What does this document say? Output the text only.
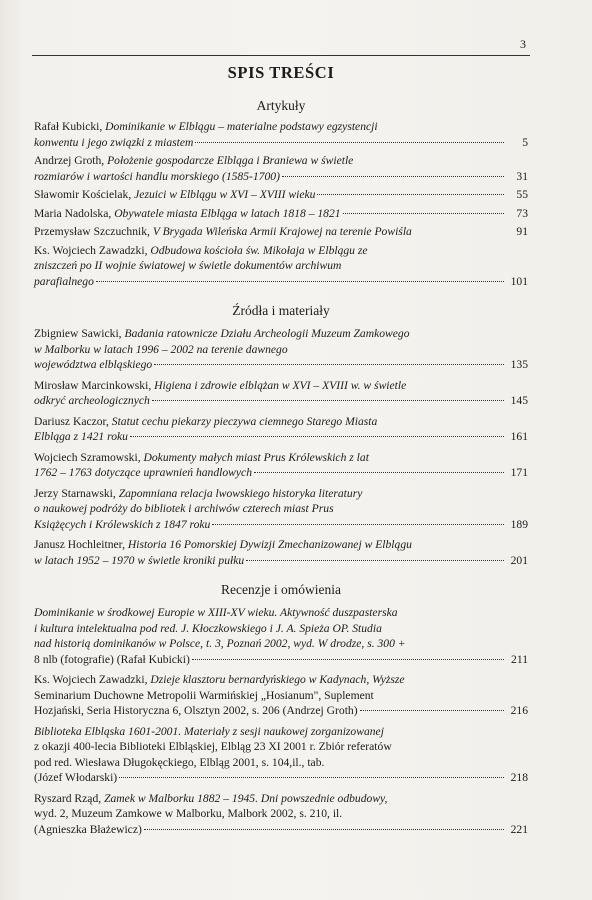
3
SPIS TREŚCI
Artykuły
Rafał Kubicki, Dominikanie w Elblągu – materialne podstawy egzystencji
konwentu i jego związki z miastem	5
Andrzej Groth, Położenie gospodarcze Elbląga i Braniewa w świetle
rozmiarów i wartości handlu morskiego (1585-1700)	31
Sławomir Kościelak, Jezuici w Elblągu w XVI – XVIII wieku	55
Maria Nadolska, Obywatele miasta Elbląga w latach 1818 – 1821	73
Przemysław Szczuchnik, V Brygada Wileńska Armii Krajowej na terenie Powiśla	91
Ks. Wojciech Zawadzki, Odbudowa kościoła św. Mikołaja w Elblągu ze
zniszczeń po II wojnie światowej w świetle dokumentów archiwum
parafialnego	101
Źródła i materiały
Zbigniew Sawicki, Badania ratownicze Działu Archeologii Muzeum Zamkowego
w Malborku w latach 1996 – 2002 na terenie dawnego
województwa elbląskiego	135
Mirosław Marcinkowski, Higiena i zdrowie elblążan w XVI – XVIII w. w świetle
odkryć archeologicznych	145
Dariusz Kaczor, Statut cechu piekarzy pieczywa ciemnego Starego Miasta
Elbląga z 1421 roku	161
Wojciech Szramowski, Dokumenty małych miast Prus Królewskich z lat
1762 – 1763 dotyczące uprawnień handlowych	171
Jerzy Starnawski, Zapomniana relacja lwowskiego historyka literatury
o naukowej podróży do bibliotek i archiwów czterech miast Prus
Książęcych i Królewskich z 1847 roku	189
Janusz Hochleitner, Historia 16 Pomorskiej Dywizji Zmechanizowanej w Elblągu
w latach 1952 – 1970 w świetle kroniki pułku	201
Recenzje i omówienia
Dominikanie w środkowej Europie w XIII-XV wieku. Aktywność duszpasterska
i kultura intelektualna pod red. J. Kłoczkowskiego i J. A. Spieża OP. Studia
nad historią dominikanów w Polsce, t. 3, Poznań 2002, wyd. W drodze, s. 300 +
8 nlb (fotografie) (Rafał Kubicki)	211
Ks. Wojciech Zawadzki, Dzieje klasztoru bernardyńskiego w Kadynach, Wyższe
Seminarium Duchowne Metropolii Warmińskiej „Hosianum", Suplement
Hozjański, Seria Historyczna 6, Olsztyn 2002, s. 206 (Andrzej Groth)	216
Biblioteka Elbląska 1601-2001. Materiały z sesji naukowej zorganizowanej
z okazji 400-lecia Biblioteki Elbląskiej, Elbląg 23 XI 2001 r. Zbiór referatów
pod red. Wiesława Długokęckiego, Elbląg 2001, s. 104,il., tab.
(Józef Włodarski)	218
Ryszard Rząd, Zamek w Malborku 1882 – 1945. Dni powszednie odbudowy,
wyd. 2, Muzeum Zamkowe w Malborku, Malbork 2002, s. 210, il.
(Agnieszka Błażewicz)	221
